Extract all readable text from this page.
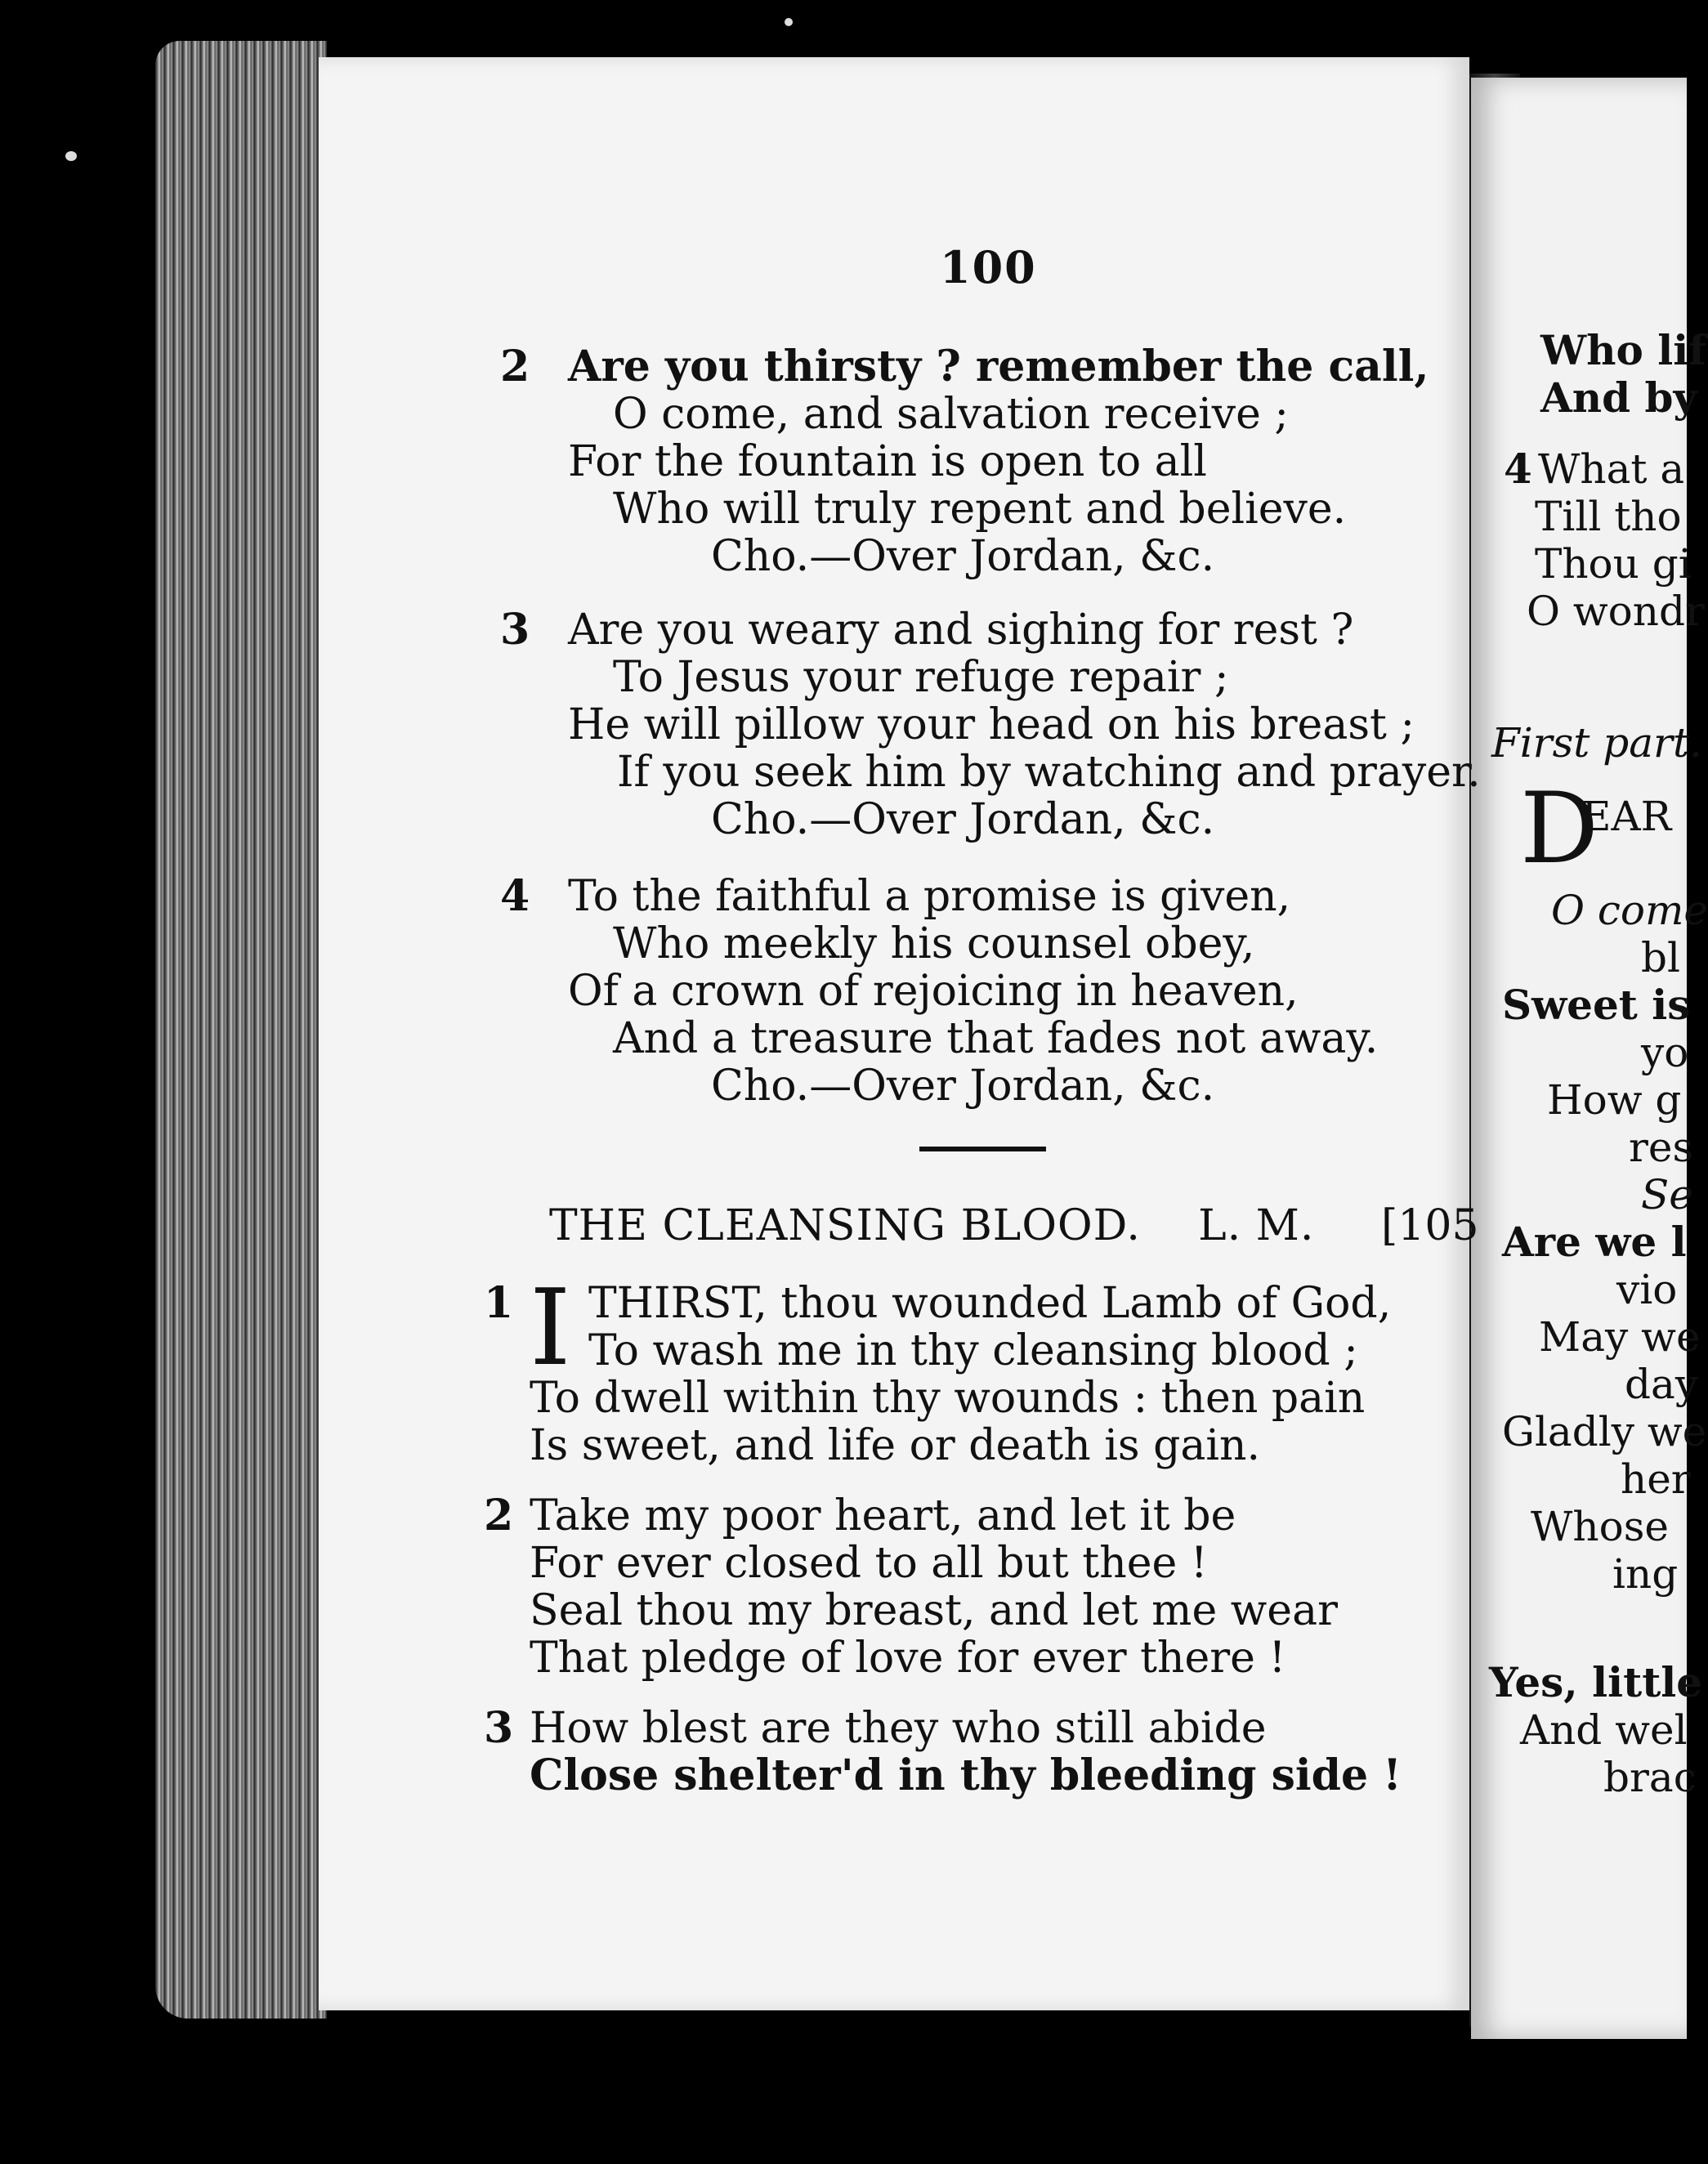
100
2 Are you thirsty ? remember the call,
O come, and salvation receive ;
For the fountain is open to all
Who will truly repent and believe.
Cho.—Over Jordan, &c.
3 Are you weary and sighing for rest ?
To Jesus your refuge repair ;
He will pillow your head on his breast ;
If you seek him by watching and prayer.
Cho.—Over Jordan, &c.
4 To the faithful a promise is given,
Who meekly his counsel obey,
Of a crown of rejoicing in heaven,
And a treasure that fades not away.
Cho.—Over Jordan, &c.
THE CLEANSING BLOOD. L. M. [105
I
1	THIRST, thou wounded Lamb of God,
To wash me in thy cleansing blood ;
To dwell within thy wounds : then pain
Is sweet, and life or death is gain.
2 Take my poor heart, and let it be
For ever closed to all but thee !
Seal thou my breast, and let me wear
That pledge of love for ever there !
3 How blest are they who still abide
Close shelter'd in thy bleeding side !
Who lif
And by
4 What a
Till tho
Thou gi
O wondr
First part.
D
EAR
O come
bl
Sweet is
yo
How g
res
Se
Are we l
vio
May we
day
Gladly we
her
Whose
ing
Yes, little
And wel
brac
